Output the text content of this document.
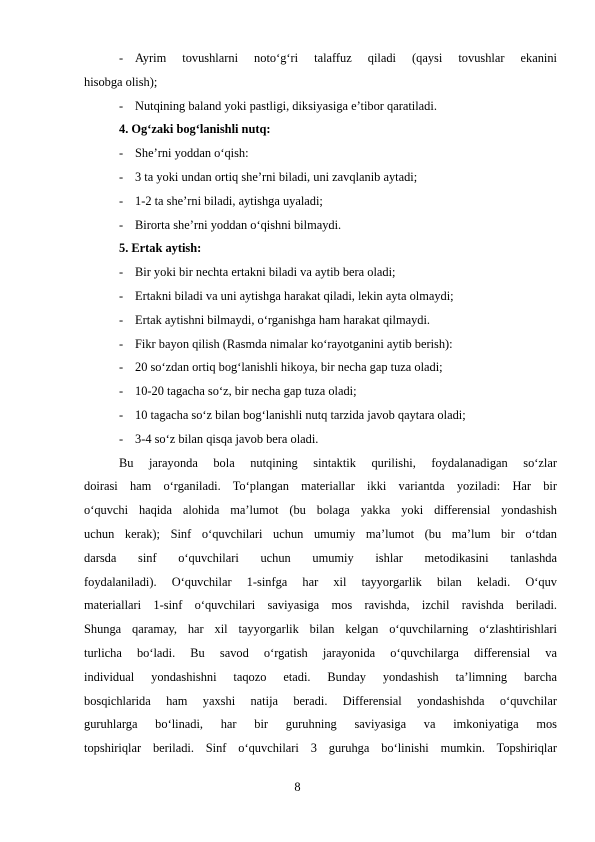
- Ayrim tovushlarni noto‘g‘ri talaffuz qiladi (qaysi tovushlar ekanini
hisobga olish);
- Nutqining baland yoki pastligi, diksiyasiga e’tibor qaratiladi.
4. Og‘zaki bog‘lanishli nutq:
- She’rni yoddan o‘qish:
- 3 ta yoki undan ortiq she’rni biladi, uni zavqlanib aytadi;
- 1-2 ta she’rni biladi, aytishga uyaladi;
- Birorta she’rni yoddan o‘qishni bilmaydi.
5. Ertak aytish:
- Bir yoki bir nechta ertakni biladi va aytib bera oladi;
- Ertakni biladi va uni aytishga harakat qiladi, lekin ayta olmaydi;
- Ertak aytishni bilmaydi, o‘rganishga ham harakat qilmaydi.
- Fikr bayon qilish (Rasmda nimalar ko‘rayotganini aytib berish):
- 20 so‘zdan ortiq bog‘lanishli hikoya, bir necha gap tuza oladi;
- 10-20 tagacha so‘z, bir necha gap tuza oladi;
- 10 tagacha so‘z bilan bog‘lanishli nutq tarzida javob qaytara oladi;
- 3-4 so‘z bilan qisqa javob bera oladi.
Bu jarayonda bola nutqining sintaktik qurilishi, foydalanadigan so‘zlar
doirasi ham o‘rganiladi. To‘plangan materiallar ikki variantda yoziladi: Har bir
o‘quvchi haqida alohida ma’lumot (bu bolaga yakka yoki differensial yondashish
uchun kerak); Sinf o‘quvchilari uchun umumiy ma’lumot (bu ma’lum bir o‘tdan
darsda sinf o‘quvchilari uchun umumiy ishlar metodikasini tanlashda
foydalaniladi). O‘quvchilar 1-sinfga har xil tayyorgarlik bilan keladi. O‘quv
materiallari 1-sinf o‘quvchilari saviyasiga mos ravishda, izchil ravishda beriladi.
Shunga qaramay, har xil tayyorgarlik bilan kelgan o‘quvchilarning o‘zlashtirishlari
turlicha bo‘ladi. Bu savod o‘rgatish jarayonida o‘quvchilarga differensial va
individual yondashishni taqozo etadi. Bunday yondashish ta’limning barcha
bosqichlarida ham yaxshi natija beradi. Differensial yondashishda o‘quvchilar
guruhlarga bo‘linadi, har bir guruhning saviyasiga va imkoniyatiga mos
topshiriqlar beriladi. Sinf o‘quvchilari 3 guruhga bo‘linishi mumkin. Topshiriqlar
8
